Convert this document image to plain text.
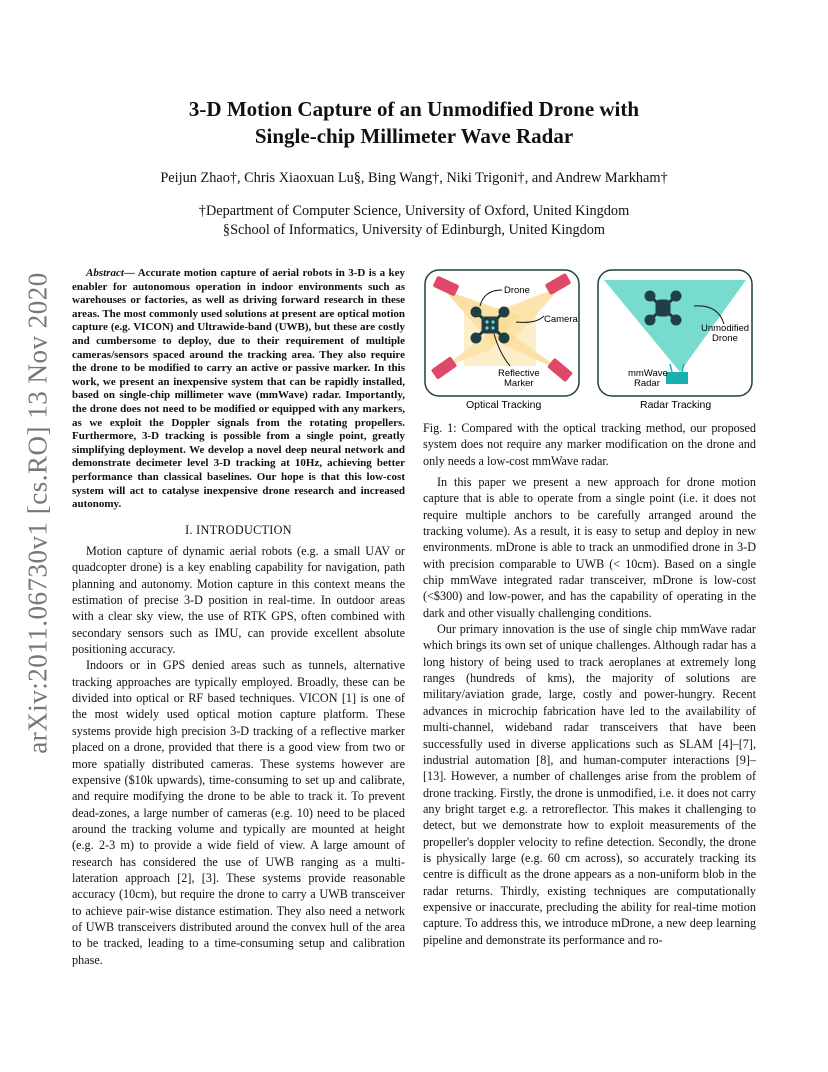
3-D Motion Capture of an Unmodified Drone with
Single-chip Millimeter Wave Radar
Peijun Zhao†, Chris Xiaoxuan Lu§, Bing Wang†, Niki Trigoni†, and Andrew Markham†
†Department of Computer Science, University of Oxford, United Kingdom
§School of Informatics, University of Edinburgh, United Kingdom
arXiv:2011.06730v1 [cs.RO] 13 Nov 2020	Abstract— Accurate motion capture of aerial robots in 3-D is a key enabler for autonomous operation in indoor environments such as warehouses or factories, as well as driving forward research in these areas. The most commonly used solutions at present are optical motion capture (e.g. VICON) and Ultrawide-band (UWB), but these are costly and cumbersome to deploy, due to their requirement of multiple cameras/sensors spaced around the tracking area. They also require the drone to be modified to carry an active or passive marker. In this work, we present an inexpensive system that can be rapidly installed, based on single-chip millimeter wave (mmWave) radar. Importantly, the drone does not need to be modified or equipped with any markers, as we exploit the Doppler signals from the rotating propellers. Furthermore, 3-D tracking is possible from a single point, greatly simplifying deployment. We develop a novel deep neural network and demonstrate decimeter level 3-D tracking at 10Hz, achieving better performance than classical baselines. Our hope is that this low-cost system will act to catalyse inexpensive drone research and increased autonomy.

I. INTRODUCTION

Motion capture of dynamic aerial robots (e.g. a small UAV or quadcopter drone) is a key enabling capability for navigation, path planning and autonomy. Motion capture in this context means the estimation of precise 3-D position in real-time. In outdoor areas with a clear sky view, the use of RTK GPS, often combined with secondary sensors such as IMU, can provide excellent absolute positioning accuracy.

Indoors or in GPS denied areas such as tunnels, alternative tracking approaches are typically employed. Broadly, these can be divided into optical or RF based techniques. VICON [1] is one of the most widely used optical motion capture platform. These systems provide high precision 3-D tracking of a reflective marker placed on a drone, provided that there is a good view from two or more spatially distributed cameras. These systems however are expensive ($10k upwards), time-consuming to set up and calibrate, and require modifying the drone to be able to track it. To prevent dead-zones, a large number of cameras (e.g. 10) need to be placed around the tracking volume and typically are mounted at height (e.g. 2-3 m) to provide a wide field of view. A large amount of research has considered the use of UWB ranging as a multi-lateration approach [2], [3]. These systems provide reasonable accuracy (10cm), but require the drone to carry a UWB transceiver to achieve pair-wise distance estimation. They also need a network of UWB transceivers distributed around the convex hull of the area to be tracked, leading to a time-consuming setup and calibration phase.

Drone
Camera
Reflective
Marker
Optical Tracking
Unmodified
Drone
mmWave
Radar
Radar Tracking
Fig. 1: Compared with the optical tracking method, our proposed system does not require any marker modification on the drone and only needs a low-cost mmWave radar.

In this paper we present a new approach for drone motion capture that is able to operate from a single point (i.e. it does not require multiple anchors to be carefully arranged around the tracking volume). As a result, it is easy to setup and deploy in new environments. mDrone is able to track an unmodified drone in 3-D with precision comparable to UWB (< 10cm). Based on a single chip mmWave integrated radar transceiver, mDrone is low-cost (<$300) and low-power, and has the capability of operating in the dark and other visually challenging conditions.

Our primary innovation is the use of single chip mmWave radar which brings its own set of unique challenges. Although radar has a long history of being used to track aeroplanes at extremely long ranges (hundreds of kms), the majority of solutions are military/aviation grade, large, costly and power-hungry. Recent advances in microchip fabrication have led to the availability of multi-channel, wideband radar transceivers that have been successfully used in diverse applications such as SLAM [4]–[7], industrial automation [8], and human-computer interactions [9]–[13]. However, a number of challenges arise from the problem of drone tracking. Firstly, the drone is unmodified, i.e. it does not carry any bright target e.g. a retroreflector. This makes it challenging to detect, but we demonstrate how to exploit measurements of the propeller's doppler velocity to refine detection. Secondly, the drone is physically large (e.g. 60 cm across), so accurately tracking its centre is difficult as the drone appears as a non-uniform blob in the radar returns. Thirdly, existing techniques are computationally expensive or inaccurate, precluding the ability for real-time motion capture. To address this, we introduce mDrone, a new deep learning pipeline and demonstrate its performance and ro-
